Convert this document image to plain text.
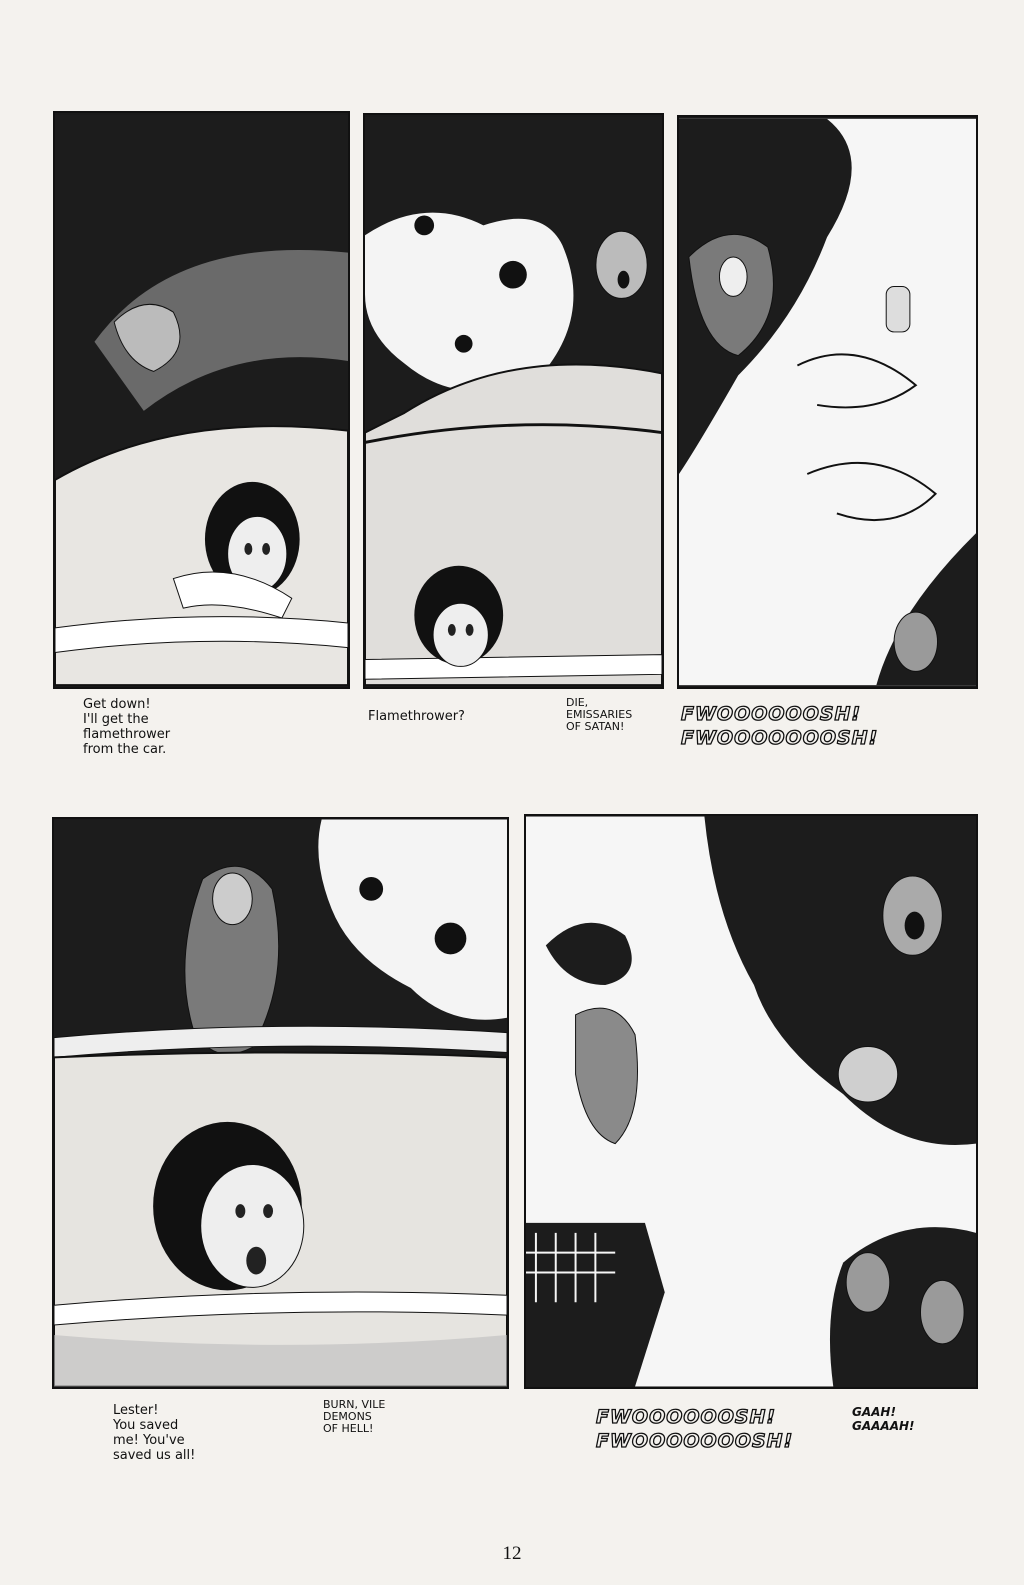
Get down!
I'll get the
flamethrower
from the car.
Flamethrower?
DIE,
EMISSARIES
OF SATAN!
FWOOOOOOSH!
FWOOOOOOOSH!
Lester!
You saved
me! You've
saved us all!
BURN, VILE
DEMONS
OF HELL!
FWOOOOOOSH!
FWOOOOOOOSH!
GAAH!
GAAAAH!
12
